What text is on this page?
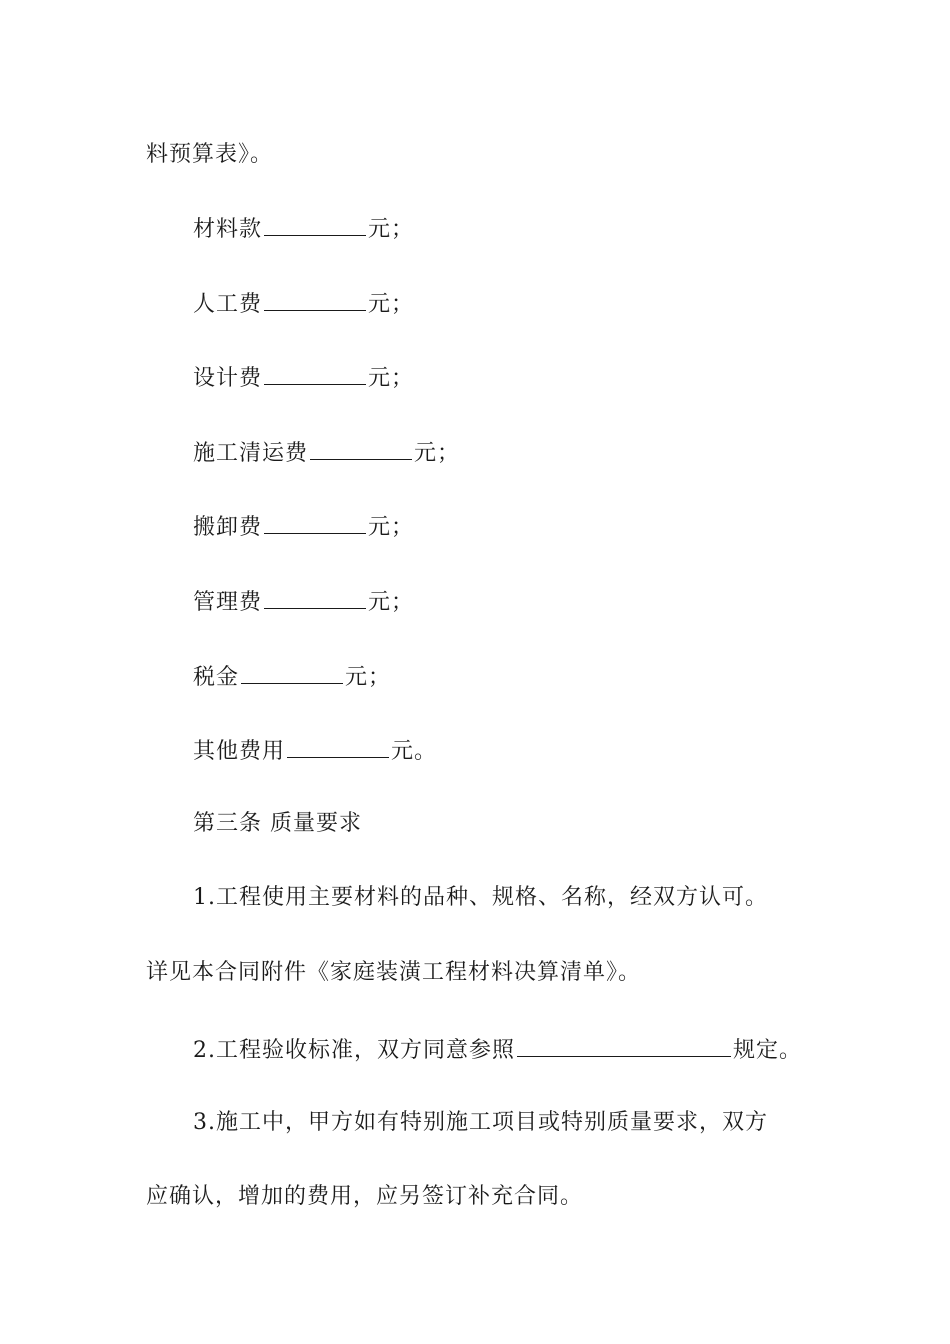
料预算表》。
材料款	元；
人工费	元；
设计费	元；
施工清运费	元；
搬卸费	元；
管理费	元；
税金	元；
其他费用	元。
第三条 质量要求
1.工程使用主要材料的品种、规格、名称，经双方认可。
详见本合同附件《家庭装潢工程材料决算清单》。
2.工程验收标准，双方同意参照	规定。
3.施工中，甲方如有特别施工项目或特别质量要求，双方
应确认，增加的费用，应另签订补充合同。
